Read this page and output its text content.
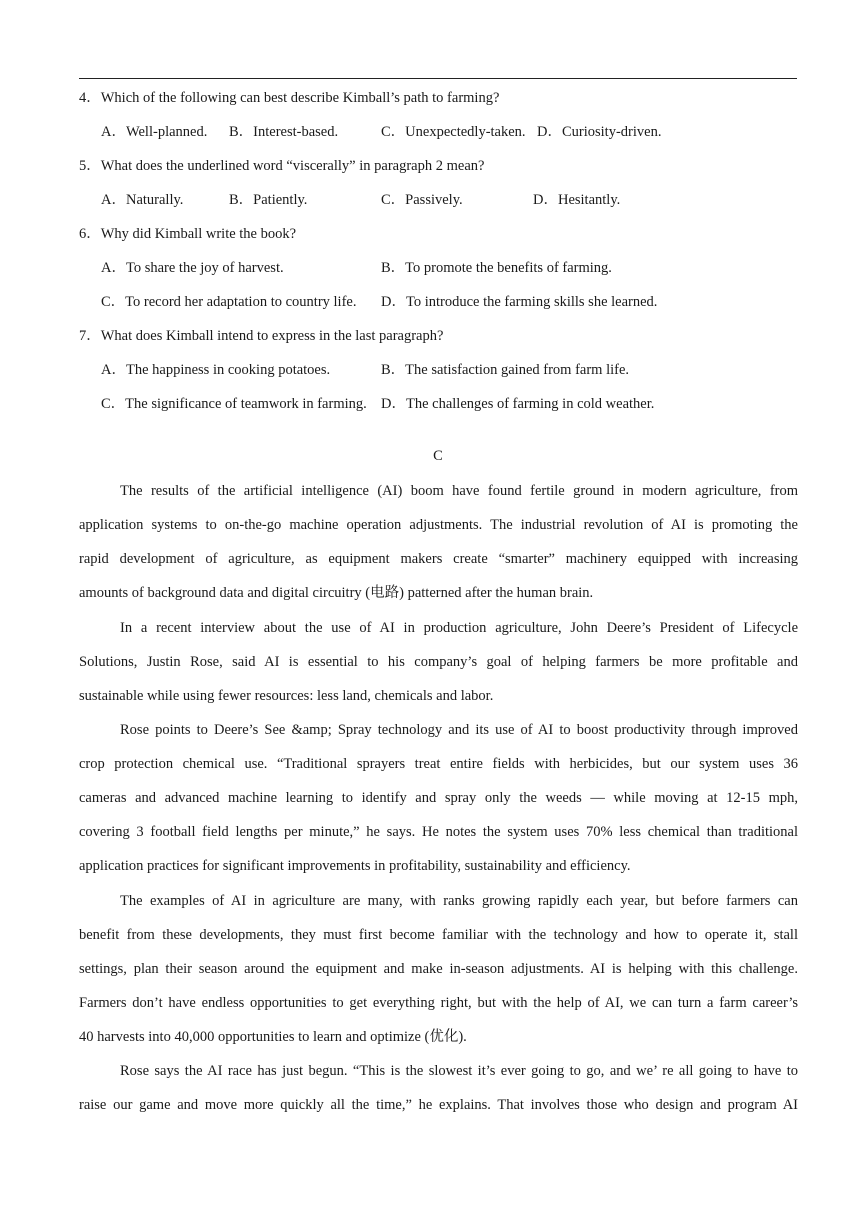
4．Which of the following can best describe Kimball’s path to farming?
A．Well-planned. B．Interest-based.	C．Unexpectedly-taken. D．Curiosity-driven.
5．What does the underlined word “viscerally” in paragraph 2 mean?
A．Naturally.	B．Patiently.	C．Passively.	D．Hesitantly.
6．Why did Kimball write the book?
A．To share the joy of harvest.	B．To promote the benefits of farming.
C．To record her adaptation to country life. D．To introduce the farming skills she learned.
7．What does Kimball intend to express in the last paragraph?
A．The happiness in cooking potatoes.	B．The satisfaction gained from farm life.
C．The significance of teamwork in farming. D．The challenges of farming in cold weather.
C
The results of the artificial intelligence (AI) boom have found fertile ground in modern agriculture, from
application systems to on-the-go machine operation adjustments. The industrial revolution of AI is promoting the
rapid development of agriculture, as equipment makers create “smarter” machinery equipped with increasing
amounts of background data and digital circuitry (电路) patterned after the human brain.
In a recent interview about the use of AI in production agriculture, John Deere’s President of Lifecycle
Solutions, Justin Rose, said AI is essential to his company’s goal of helping farmers be more profitable and
sustainable while using fewer resources: less land, chemicals and labor.
Rose points to Deere’s See &amp; Spray technology and its use of AI to boost productivity through improved
crop protection chemical use. “Traditional sprayers treat entire fields with herbicides, but our system uses 36
cameras and advanced machine learning to identify and spray only the weeds — while moving at 12-15 mph,
covering 3 football field lengths per minute,” he says. He notes the system uses 70% less chemical than traditional
application practices for significant improvements in profitability, sustainability and efficiency.
The examples of AI in agriculture are many, with ranks growing rapidly each year, but before farmers can
benefit from these developments, they must first become familiar with the technology and how to operate it, stall
settings, plan their season around the equipment and make in-season adjustments. AI is helping with this challenge.
Farmers don’t have endless opportunities to get everything right, but with the help of AI, we can turn a farm career’s
40 harvests into 40,000 opportunities to learn and optimize (优化).
Rose says the AI race has just begun. “This is the slowest it’s ever going to go, and we’ re all going to have to
raise our game and move more quickly all the time,” he explains. That involves those who design and program AI
